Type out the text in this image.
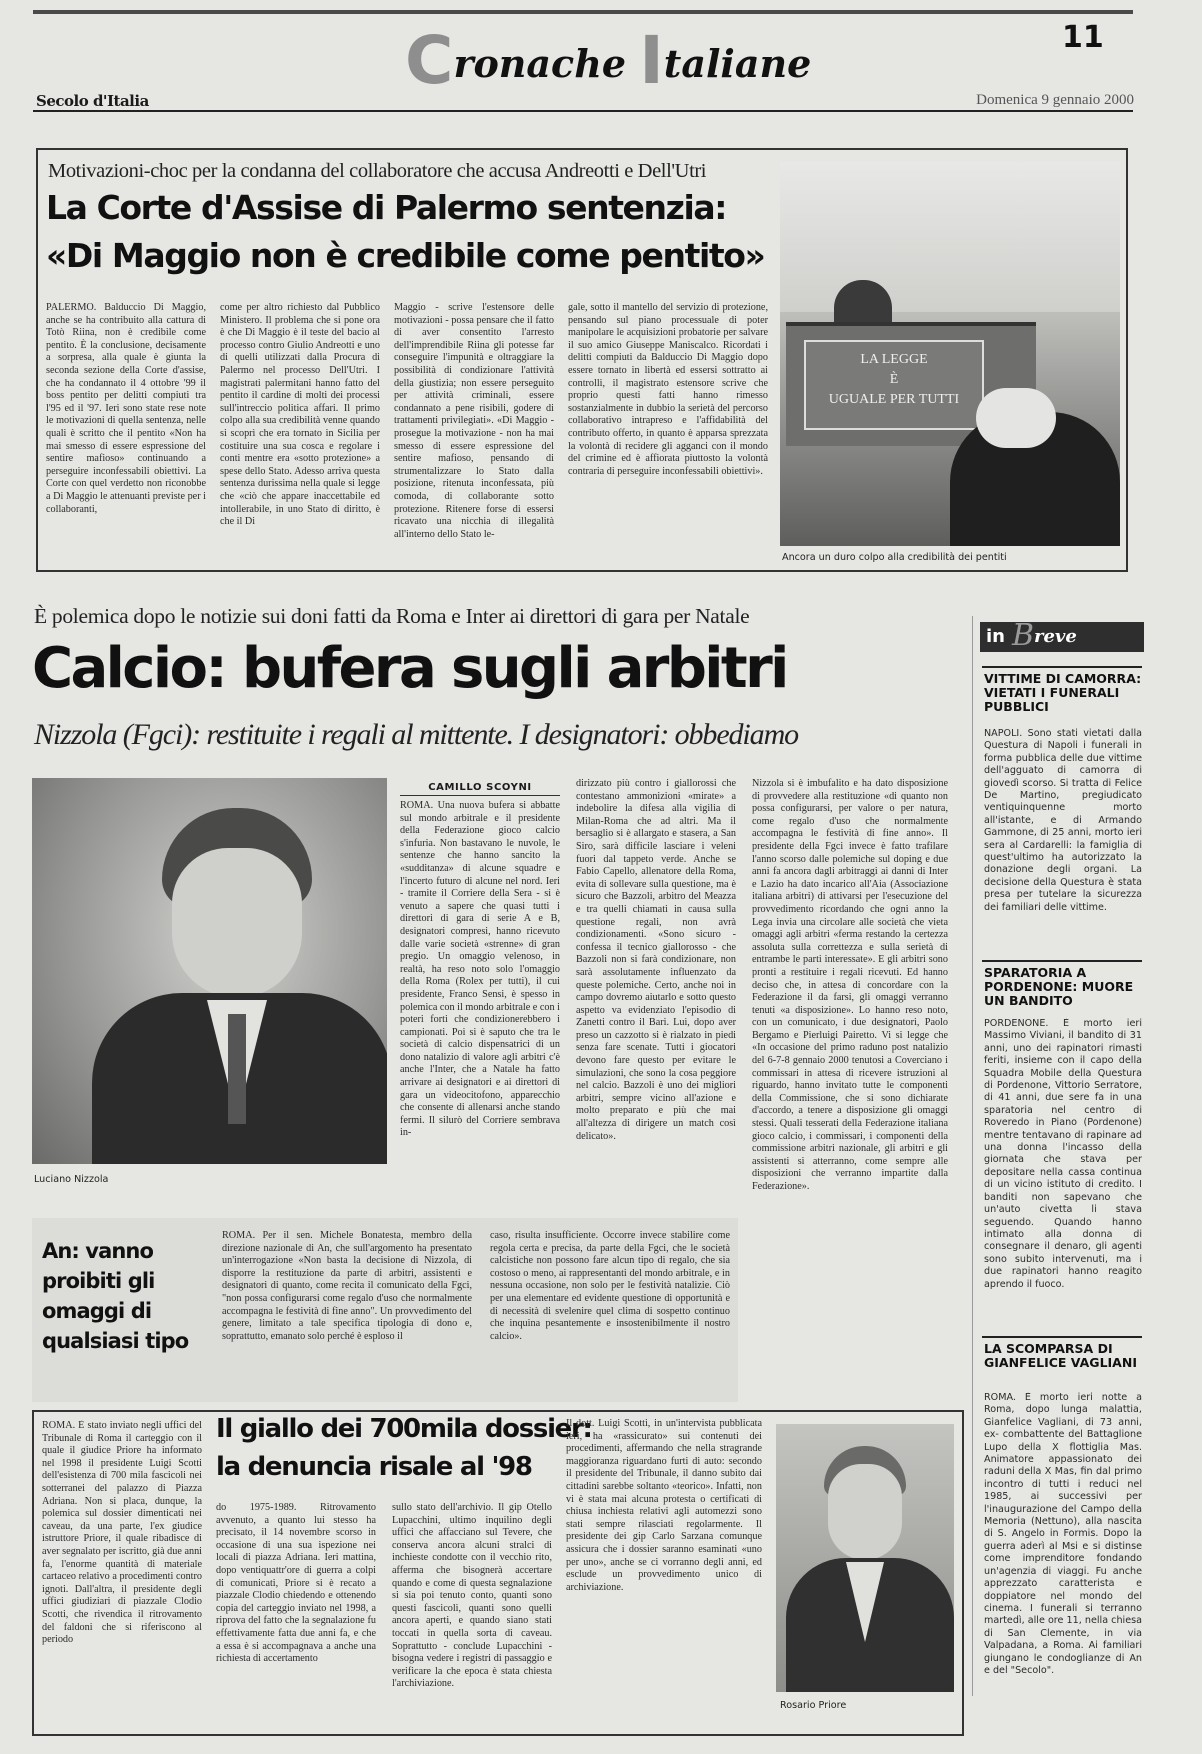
Cronache Italiane
11
Secolo d'Italia	Domenica 9 gennaio 2000
Motivazioni-choc per la condanna del collaboratore che accusa Andreotti e Dell'Utri
La Corte d'Assise di Palermo sentenzia:
«Di Maggio non è credibile come pentito»
PALERMO. Balduccio Di Maggio, anche se ha contribuito alla cattura di Totò Riina, non è credibile come pentito. È la conclusione, decisamente a sorpresa, alla quale è giunta la seconda sezione della Corte d'assise, che ha condannato il 4 ottobre '99 il boss pentito per delitti compiuti tra l'95 ed il '97. Ieri sono state rese note le motivazioni di quella sentenza, nelle quali è scritto che il pentito «Non ha mai smesso di essere espressione del sentire mafioso» continuando a perseguire inconfessabili obiettivi. La Corte con quel verdetto non riconobbe a Di Maggio le attenuanti previste per i collaboranti,
come per altro richiesto dal Pubblico Ministero. Il problema che si pone ora è che Di Maggio è il teste del bacio al processo contro Giulio Andreotti e uno di quelli utilizzati dalla Procura di Palermo nel processo Dell'Utri. I magistrati palermitani hanno fatto del pentito il cardine di molti dei processi sull'intreccio politica affari. Il primo colpo alla sua credibilità venne quando si scoprì che era tornato in Sicilia per costituire una sua cosca e regolare i conti mentre era «sotto protezione» a spese dello Stato. Adesso arriva questa sentenza durissima nella quale si legge che «ciò che appare inaccettabile ed intollerabile, in uno Stato di diritto, è che il Di
Maggio - scrive l'estensore delle motivazioni - possa pensare che il fatto di aver consentito l'arresto dell'imprendibile Riina gli potesse far conseguire l'impunità e oltraggiare la possibilità di condizionare l'attività della giustizia; non essere perseguito per attività criminali, essere condannato a pene risibili, godere di trattamenti privilegiati». «Di Maggio - prosegue la motivazione - non ha mai smesso di essere espressione del sentire mafioso, pensando di strumentalizzare lo Stato dalla posizione, ritenuta inconfessata, più comoda, di collaborante sotto protezione. Ritenere forse di essersi ricavato una nicchia di illegalità all'interno dello Stato le-
gale, sotto il mantello del servizio di protezione, pensando sul piano processuale di poter manipolare le acquisizioni probatorie per salvare il suo amico Giuseppe Maniscalco. Ricordati i delitti compiuti da Balduccio Di Maggio dopo essere tornato in libertà ed essersi sottratto ai controlli, il magistrato estensore scrive che proprio questi fatti hanno rimesso sostanzialmente in dubbio la serietà del percorso collaborativo intrapreso e l'affidabilità del contributo offerto, in quanto è apparsa sprezzata la volontà di recidere gli agganci con il mondo del crimine ed è affiorata piuttosto la volontà contraria di perseguire inconfessabili obiettivi».
LA LEGGE
È
UGUALE PER TUTTI
Ancora un duro colpo alla credibilità dei pentiti
È polemica dopo le notizie sui doni fatti da Roma e Inter ai direttori di gara per Natale
Calcio: bufera sugli arbitri
Nizzola (Fgci): restituite i regali al mittente. I designatori: obbediamo
Luciano Nizzola
CAMILLO SCOYNI
ROMA. Una nuova bufera si abbatte sul mondo arbitrale e il presidente della Federazione gioco calcio s'infuria. Non bastavano le nuvole, le sentenze che hanno sancito la «sudditanza» di alcune squadre e l'incerto futuro di alcune nel nord. Ieri - tramite il Corriere della Sera - si è venuto a sapere che quasi tutti i direttori di gara di serie A e B, designatori compresi, hanno ricevuto dalle varie società «strenne» di gran pregio. Un omaggio velenoso, in realtà, ha reso noto solo l'omaggio della Roma (Rolex per tutti), il cui presidente, Franco Sensi, è spesso in polemica con il mondo arbitrale e con i poteri forti che condizionerebbero i campionati. Poi si è saputo che tra le società di calcio dispensatrici di un dono natalizio di valore agli arbitri c'è anche l'Inter, che a Natale ha fatto arrivare ai designatori e ai direttori di gara un videocitofono, apparecchio che consente di allenarsi anche stando fermi. Il silurò del Corriere sembrava in-
dirizzato più contro i giallorossi che contestano ammonizioni «mirate» a indebolire la difesa alla vigilia di Milan-Roma che ad altri. Ma il bersaglio si è allargato e stasera, a San Siro, sarà difficile lasciare i veleni fuori dal tappeto verde. Anche se Fabio Capello, allenatore della Roma, evita di sollevare sulla questione, ma è sicuro che Bazzoli, arbitro del Meazza e tra quelli chiamati in causa sulla questione regali, non avrà condizionamenti. «Sono sicuro - confessa il tecnico giallorosso - che Bazzoli non si farà condizionare, non sarà assolutamente influenzato da queste polemiche. Certo, anche noi in campo dovremo aiutarlo e sotto questo aspetto va evidenziato l'episodio di Zanetti contro il Bari. Lui, dopo aver preso un cazzotto si è rialzato in piedi senza fare scenate. Tutti i giocatori devono fare questo per evitare le simulazioni, che sono la cosa peggiore nel calcio. Bazzoli è uno dei migliori arbitri, sempre vicino all'azione e molto preparato e più che mai all'altezza di dirigere un match così delicato».
Nizzola si è imbufalito e ha dato disposizione di provvedere alla restituzione «di quanto non possa configurarsi, per valore o per natura, come regalo d'uso che normalmente accompagna le festività di fine anno». Il presidente della Fgci invece è fatto trafilare l'anno scorso dalle polemiche sul doping e due anni fa ancora dagli arbitraggi ai danni di Inter e Lazio ha dato incarico all'Aia (Associazione italiana arbitri) di attivarsi per l'esecuzione del provvedimento ricordando che ogni anno la Lega invia una circolare alle società che vieta omaggi agli arbitri «ferma restando la certezza assoluta sulla correttezza e sulla serietà di entrambe le parti interessate». E gli arbitri sono pronti a restituire i regali ricevuti. Ed hanno deciso che, in attesa di concordare con la Federazione il da farsi, gli omaggi verranno tenuti «a disposizione». Lo hanno reso noto, con un comunicato, i due designatori, Paolo Bergamo e Pierluigi Pairetto. Vi si legge che «In occasione del primo raduno post natalizio del 6-7-8 gennaio 2000 tenutosi a Coverciano i commissari in attesa di ricevere istruzioni al riguardo, hanno invitato tutte le componenti della Commissione, che si sono dichiarate d'accordo, a tenere a disposizione gli omaggi stessi. Quali tesserati della Federazione italiana gioco calcio, i commissari, i componenti della commissione arbitri nazionale, gli arbitri e gli assistenti si atterranno, come sempre alle disposizioni che verranno impartite dalla Federazione».
An: vanno proibiti gli omaggi di qualsiasi tipo
ROMA. Per il sen. Michele Bonatesta, membro della direzione nazionale di An, che sull'argomento ha presentato un'interrogazione «Non basta la decisione di Nizzola, di disporre la restituzione da parte di arbitri, assistenti e designatori di quanto, come recita il comunicato della Fgci, "non possa configurarsi come regalo d'uso che normalmente accompagna le festività di fine anno". Un provvedimento del genere, limitato a tale specifica tipologia di dono e, soprattutto, emanato solo perché è esploso il
caso, risulta insufficiente. Occorre invece stabilire come regola certa e precisa, da parte della Fgci, che le società calcistiche non possono fare alcun tipo di regalo, che sia costoso o meno, ai rappresentanti del mondo arbitrale, e in nessuna occasione, non solo per le festività natalizie. Ciò per una elementare ed evidente questione di opportunità e di necessità di svelenire quel clima di sospetto continuo che inquina pesantemente e insostenibilmente il nostro calcio».
in B reve
VITTIME DI CAMORRA: VIETATI I FUNERALI PUBBLICI
NAPOLI. Sono stati vietati dalla Questura di Napoli i funerali in forma pubblica delle due vittime dell'agguato di camorra di giovedì scorso. Si tratta di Felice De Martino, pregiudicato ventiquinquenne morto all'istante, e di Armando Gammone, di 25 anni, morto ieri sera al Cardarelli: la famiglia di quest'ultimo ha autorizzato la donazione degli organi. La decisione della Questura è stata presa per tutelare la sicurezza dei familiari delle vittime.
SPARATORIA A PORDENONE: MUORE UN BANDITO
PORDENONE. È morto ieri Massimo Viviani, il bandito di 31 anni, uno dei rapinatori rimasti feriti, insieme con il capo della Squadra Mobile della Questura di Pordenone, Vittorio Serratore, di 41 anni, due sere fa in una sparatoria nel centro di Roveredo in Piano (Pordenone) mentre tentavano di rapinare ad una donna l'incasso della giornata che stava per depositare nella cassa continua di un vicino istituto di credito. I banditi non sapevano che un'auto civetta li stava seguendo. Quando hanno intimato alla donna di consegnare il denaro, gli agenti sono subito intervenuti, ma i due rapinatori hanno reagito aprendo il fuoco.
LA SCOMPARSA DI GIANFELICE VAGLIANI
ROMA. È morto ieri notte a Roma, dopo lunga malattia, Gianfelice Vagliani, di 73 anni, ex- combattente del Battaglione Lupo della X flottiglia Mas. Animatore appassionato dei raduni della X Mas, fin dal primo incontro di tutti i reduci nel 1985, ai successivi per l'inaugurazione del Campo della Memoria (Nettuno), alla nascita di S. Angelo in Formis. Dopo la guerra aderì al Msi e si distinse come imprenditore fondando un'agenzia di viaggi. Fu anche apprezzato caratterista e doppiatore nel mondo del cinema. I funerali si terranno martedì, alle ore 11, nella chiesa di San Clemente, in via Valpadana, a Roma. Ai familiari giungano le condoglianze di An e del "Secolo".
ROMA. È stato inviato negli uffici del Tribunale di Roma il carteggio con il quale il giudice Priore ha informato nel 1998 il presidente Luigi Scotti dell'esistenza di 700 mila fascicoli nei sotterranei del palazzo di Piazza Adriana. Non si placa, dunque, la polemica sul dossier dimenticati nei caveau, da una parte, l'ex giudice istruttore Priore, il quale ribadisce di aver segnalato per iscritto, già due anni fa, l'enorme quantità di materiale cartaceo relativo a procedimenti contro ignoti. Dall'altra, il presidente degli uffici giudiziari di piazzale Clodio Scotti, che rivendica il ritrovamento del faldoni che si riferiscono al periodo
Il giallo dei 700mila dossier:
la denuncia risale al '98
do 1975-1989. Ritrovamento avvenuto, a quanto lui stesso ha precisato, il 14 novembre scorso in occasione di una sua ispezione nei locali di piazza Adriana. Ieri mattina, dopo ventiquattr'ore di guerra a colpi di comunicati, Priore si è recato a piazzale Clodio chiedendo e ottenendo copia del carteggio inviato nel 1998, a riprova del fatto che la segnalazione fu effettivamente fatta due anni fa, e che a essa è si accompagnava a anche una richiesta di accertamento
sullo stato dell'archivio. Il gip Otello Lupacchini, ultimo inquilino degli uffici che affacciano sul Tevere, che conserva ancora alcuni stralci di inchieste condotte con il vecchio rito, afferma che bisognerà accertare quando e come di questa segnalazione si sia poi tenuto conto, quanti sono questi fascicoli, quanti sono quelli ancora aperti, e quando siano stati toccati in quella sorta di caveau. Soprattutto - conclude Lupacchini - bisogna vedere i registri di passaggio e verificare la che epoca è stata chiesta l'archiviazione.
Il dott. Luigi Scotti, in un'intervista pubblicata ieri, ha «rassicurato» sui contenuti dei procedimenti, affermando che nella stragrande maggioranza riguardano furti di auto: secondo il presidente del Tribunale, il danno subito dai cittadini sarebbe soltanto «teorico». Infatti, non vi è stata mai alcuna protesta o certificati di chiusa inchiesta relativi agli automezzi sono stati sempre rilasciati regolarmente. Il presidente dei gip Carlo Sarzana comunque assicura che i dossier saranno esaminati «uno per uno», anche se ci vorranno degli anni, ed esclude un provvedimento unico di archiviazione.
Rosario Priore
